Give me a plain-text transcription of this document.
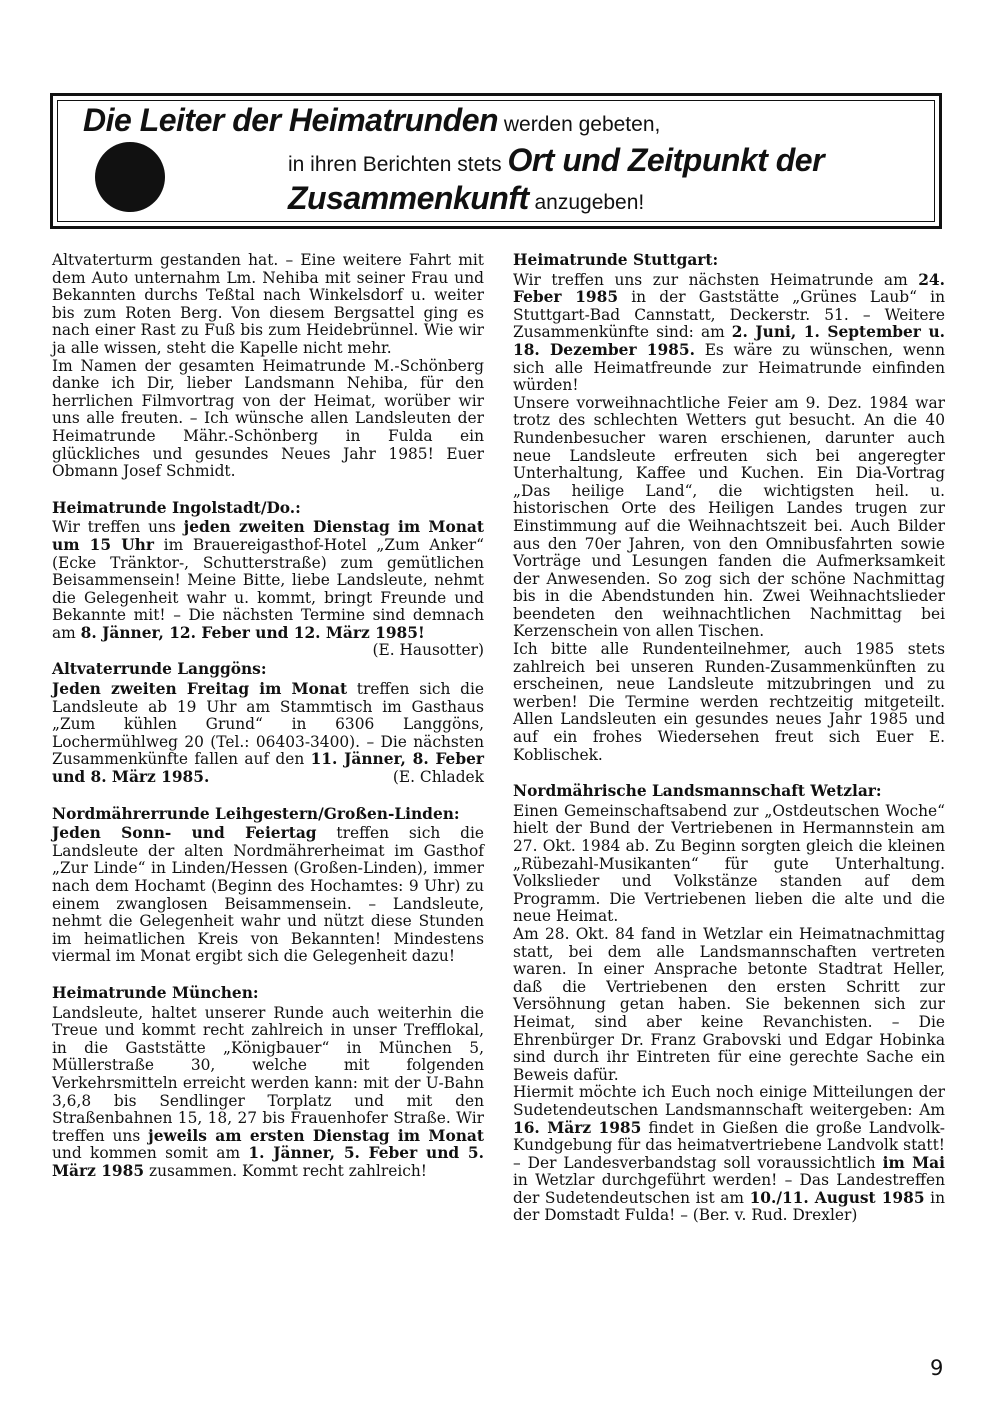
Die Leiter der Heimatrunden werden gebeten,
in ihren Berichten stets Ort und Zeitpunkt der
Zusammenkunft anzugeben!

Altvaterturm gestanden hat. – Eine weitere Fahrt mit dem Auto unternahm Lm. Nehiba mit seiner Frau und Bekannten durchs Teßtal nach Winkelsdorf u. weiter bis zum Roten Berg. Von diesem Bergsattel ging es nach einer Rast zu Fuß bis zum Heidebrünnel. Wie wir ja alle wissen, steht die Kapelle nicht mehr.

Im Namen der gesamten Heimatrunde M.-Schönberg danke ich Dir, lieber Landsmann Nehiba, für den herrlichen Filmvortrag von der Heimat, worüber wir uns alle freuten. – Ich wünsche allen Landsleuten der Heimatrunde Mähr.-Schönberg in Fulda ein glückliches und gesundes Neues Jahr 1985! Euer Obmann Josef Schmidt.

Heimatrunde Ingolstadt/Do.:

Wir treffen uns jeden zweiten Dienstag im Monat um 15 Uhr im Brauereigasthof-Hotel „Zum Anker“ (Ecke Tränktor-, Schutterstraße) zum gemütlichen Beisammensein! Meine Bitte, liebe Landsleute, nehmt die Gelegenheit wahr u. kommt, bringt Freunde und Bekannte mit! – Die nächsten Termine sind demnach am 8. Jänner, 12. Feber und 12. März 1985!
(E. Hausotter)

Altvaterrunde Langgöns:

Jeden zweiten Freitag im Monat treffen sich die Landsleute ab 19 Uhr am Stammtisch im Gasthaus „Zum kühlen Grund“ in 6306 Langgöns, Lochermühlweg 20 (Tel.: 06403-3400). – Die nächsten Zusammenkünfte fallen auf den 11. Jänner, 8. Feber und 8. März 1985.	(E. Chladek

Nordmährerrunde Leihgestern/Großen-Linden:

Jeden Sonn- und Feiertag treffen sich die Landsleute der alten Nordmährerheimat im Gasthof „Zur Linde“ in Linden/Hessen (Großen-Linden), immer nach dem Hochamt (Beginn des Hochamtes: 9 Uhr) zu einem zwanglosen Beisammensein. – Landsleute, nehmt die Gelegenheit wahr und nützt diese Stunden im heimatlichen Kreis von Bekannten! Mindestens viermal im Monat ergibt sich die Gelegenheit dazu!

Heimatrunde München:

Landsleute, haltet unserer Runde auch weiterhin die Treue und kommt recht zahlreich in unser Trefflokal, in die Gaststätte „Königbauer“ in München 5, Müllerstraße 30, welche mit folgenden Verkehrsmitteln erreicht werden kann: mit der U-Bahn 3,6,8 bis Sendlinger Torplatz und mit den Straßenbahnen 15, 18, 27 bis Frauenhofer Straße. Wir treffen uns jeweils am ersten Dienstag im Monat und kommen somit am 1. Jänner, 5. Feber und 5. März 1985 zusammen. Kommt recht zahlreich!

Heimatrunde Stuttgart:

Wir treffen uns zur nächsten Heimatrunde am 24. Feber 1985 in der Gaststätte „Grünes Laub“ in Stuttgart-Bad Cannstatt, Deckerstr. 51. – Weitere Zusammenkünfte sind: am 2. Juni, 1. September u. 18. Dezember 1985. Es wäre zu wünschen, wenn sich alle Heimatfreunde zur Heimatrunde einfinden würden!

Unsere vorweihnachtliche Feier am 9. Dez. 1984 war trotz des schlechten Wetters gut besucht. An die 40 Rundenbesucher waren erschienen, darunter auch neue Landsleute erfreuten sich bei angeregter Unterhaltung, Kaffee und Kuchen. Ein Dia-Vortrag „Das heilige Land“, die wichtigsten heil. u. historischen Orte des Heiligen Landes trugen zur Einstimmung auf die Weihnachtszeit bei. Auch Bilder aus den 70er Jahren, von den Omnibusfahrten sowie Vorträge und Lesungen fanden die Aufmerksamkeit der Anwesenden. So zog sich der schöne Nachmittag bis in die Abendstunden hin. Zwei Weihnachtslieder beendeten den weihnachtlichen Nachmittag bei Kerzenschein von allen Tischen.

Ich bitte alle Rundenteilnehmer, auch 1985 stets zahlreich bei unseren Runden-Zusammenkünften zu erscheinen, neue Landsleute mitzubringen und zu werben! Die Termine werden rechtzeitig mitgeteilt. Allen Landsleuten ein gesundes neues Jahr 1985 und auf ein frohes Wiedersehen freut sich Euer E. Koblischek.

Nordmährische Landsmannschaft Wetzlar:

Einen Gemeinschaftsabend zur „Ostdeutschen Woche“ hielt der Bund der Vertriebenen in Hermannstein am 27. Okt. 1984 ab. Zu Beginn sorgten gleich die kleinen „Rübezahl-Musikanten“ für gute Unterhaltung. Volkslieder und Volkstänze standen auf dem Programm. Die Vertriebenen lieben die alte und die neue Heimat.

Am 28. Okt. 84 fand in Wetzlar ein Heimatnachmittag statt, bei dem alle Landsmannschaften vertreten waren. In einer Ansprache betonte Stadtrat Heller, daß die Vertriebenen den ersten Schritt zur Versöhnung getan haben. Sie bekennen sich zur Heimat, sind aber keine Revanchisten. – Die Ehrenbürger Dr. Franz Grabovski und Edgar Hobinka sind durch ihr Eintreten für eine gerechte Sache ein Beweis dafür.

Hiermit möchte ich Euch noch einige Mitteilungen der Sudetendeutschen Landsmannschaft weitergeben: Am 16. März 1985 findet in Gießen die große Landvolk-Kundgebung für das heimatvertriebene Landvolk statt! – Der Landesverbandstag soll voraussichtlich im Mai in Wetzlar durchgeführt werden! – Das Landestreffen der Sudetendeutschen ist am 10./11. August 1985 in der Domstadt Fulda! – (Ber. v. Rud. Drexler)

9
